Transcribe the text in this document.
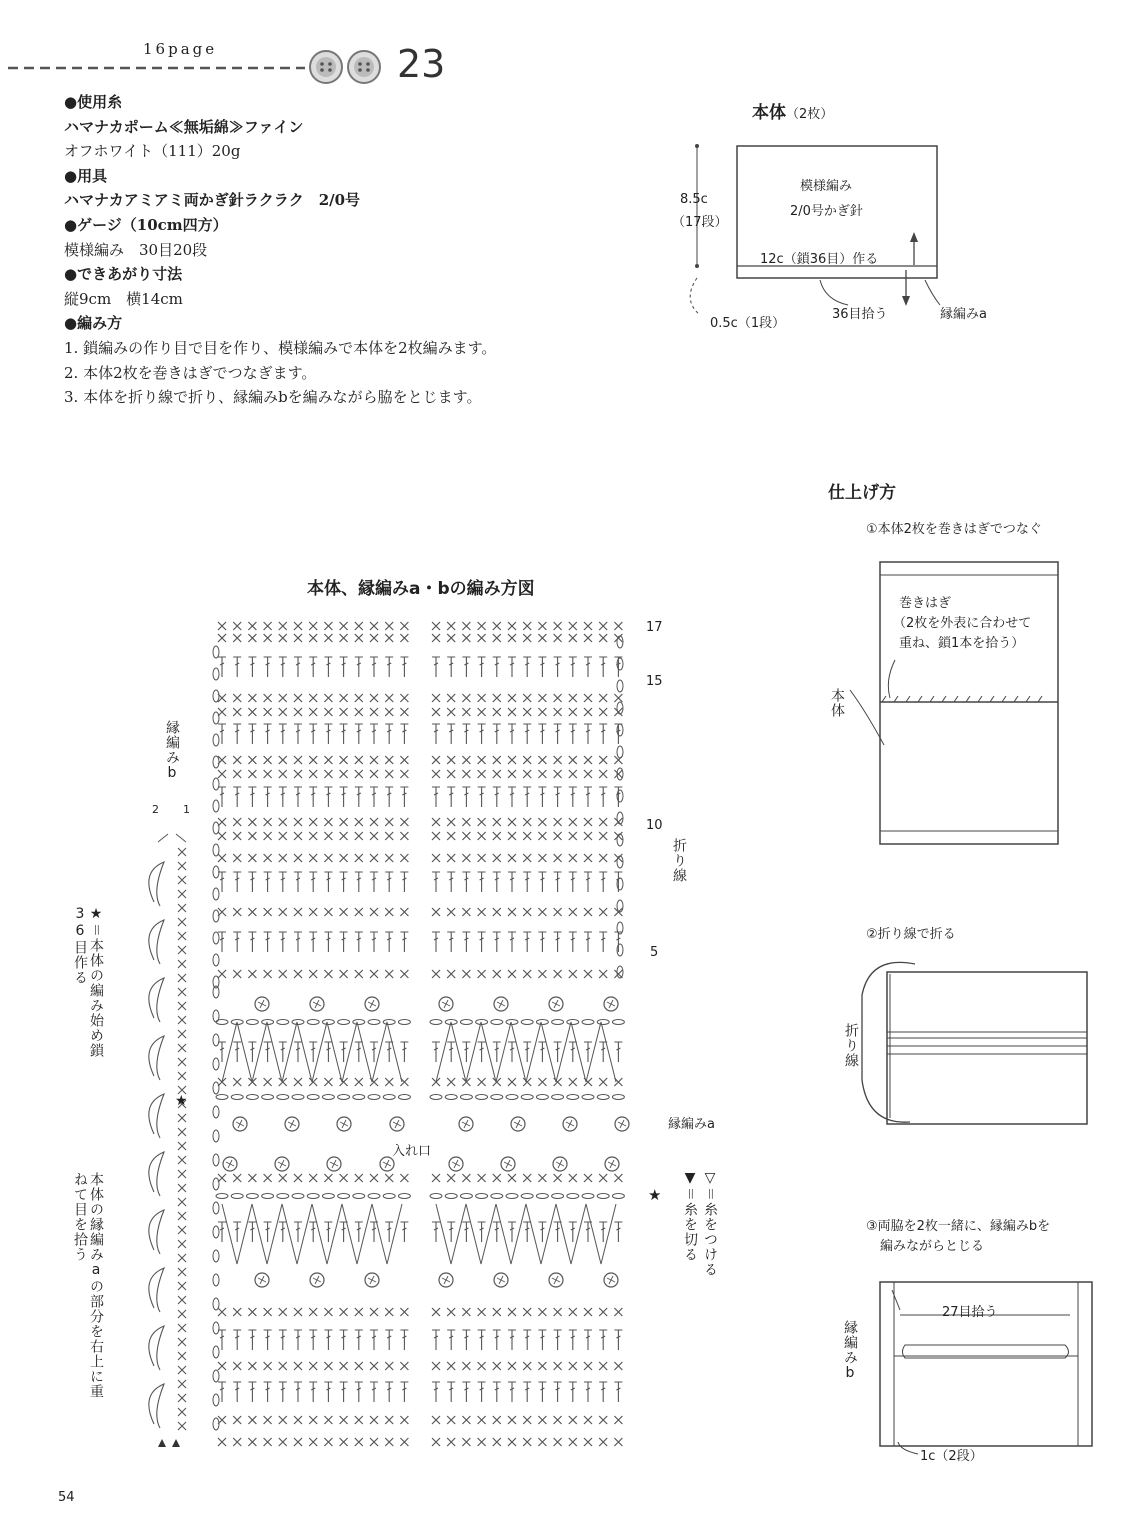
16page	23
●使用糸
ハマナカポーム≪無垢綿≫ファイン
オフホワイト（111）20g
●用具
ハマナカアミアミ両かぎ針ラクラク　2/0号
●ゲージ（10cm四方）
模様編み　30目20段
●できあがり寸法
縦9cm　横14cm
●編み方
1. 鎖編みの作り目で目を作り、模様編みで本体を2枚編みます。
2. 本体2枚を巻きはぎでつなぎます。
3. 本体を折り線で折り、縁編みbを編みながら脇をとじます。
本体（2枚）
模様編み
2/0号かぎ針
8.5c
（17段）
12c（鎖36目）作る
0.5c（1段）
36目拾う	縁編みa
仕上げ方
①本体2枚を巻きはぎでつなぐ
巻きはぎ
（2枚を外表に合わせて
重ね、鎖1本を拾う）
本体
②折り線で折る
折り線
③両脇を2枚一緒に、縁編みbを
編みながらとじる
27目拾う
縁編みb
1c（2段）
本体、縁編みa・bの編み方図
17
15
10
5
折り線
縁編みa
入れ口
縁編みb
2 1
★＝本体の編み始め鎖36目作る
本体の縁編みaの部分を右上に重ねて目を拾う	▽＝糸をつける
▼＝糸を切る
★
★
54
